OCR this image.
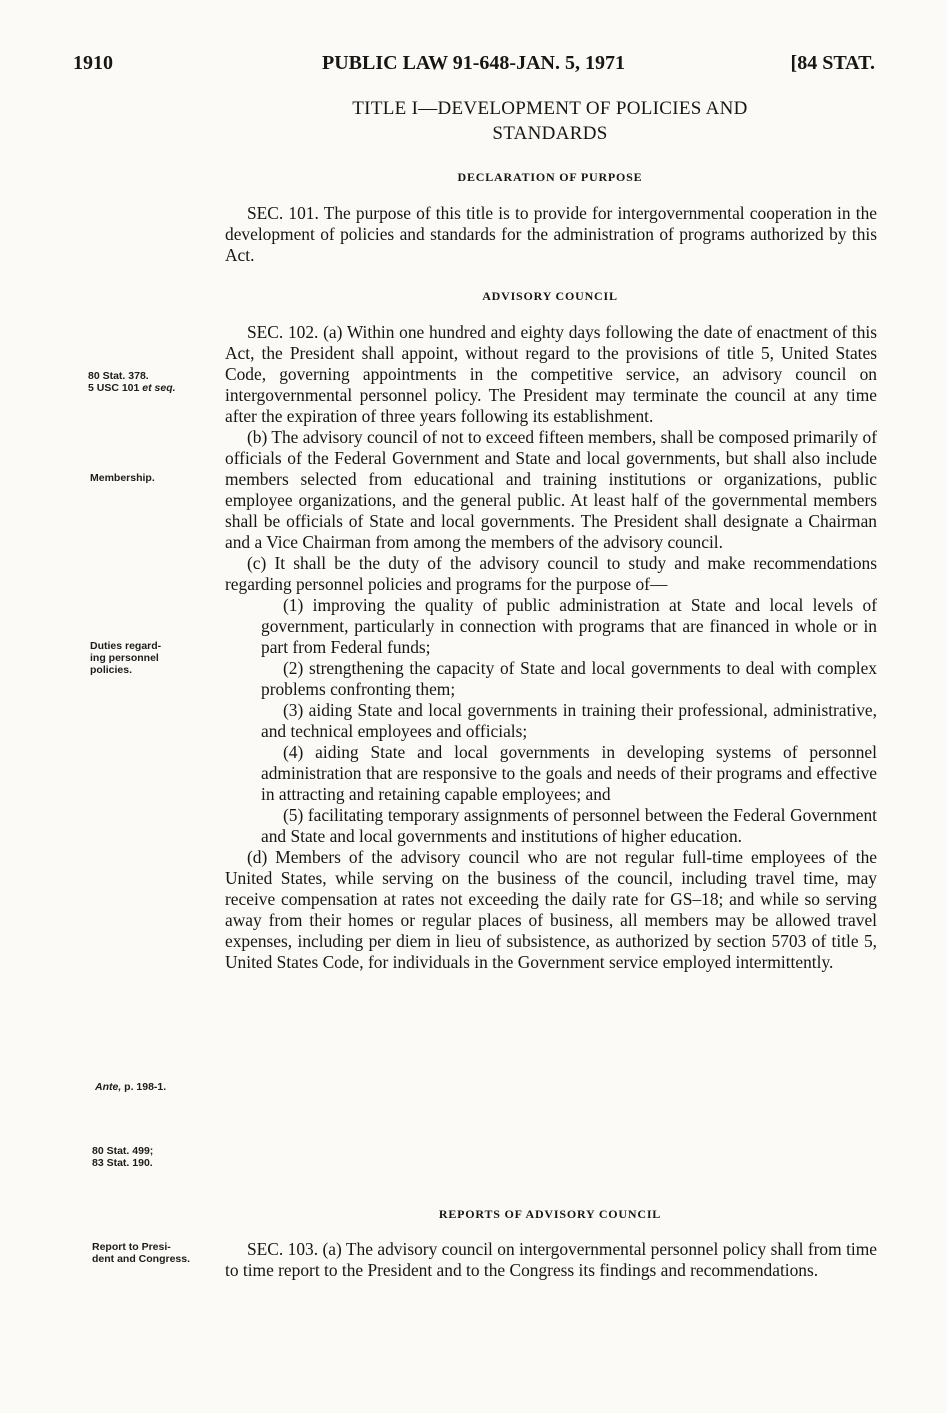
1910	PUBLIC LAW 91-648-JAN. 5, 1971	[84 STAT.
TITLE I—DEVELOPMENT OF POLICIES AND
STANDARDS
DECLARATION OF PURPOSE

SEC. 101. The purpose of this title is to provide for intergovernmental cooperation in the development of policies and standards for the administration of programs authorized by this Act.

ADVISORY COUNCIL

SEC. 102. (a) Within one hundred and eighty days following the date of enactment of this Act, the President shall appoint, without regard to the provisions of title 5, United States Code, governing appointments in the competitive service, an advisory council on intergovernmental personnel policy. The President may terminate the council at any time after the expiration of three years following its establishment.

(b) The advisory council of not to exceed fifteen members, shall be composed primarily of officials of the Federal Government and State and local governments, but shall also include members selected from educational and training institutions or organizations, public employee organizations, and the general public. At least half of the governmental members shall be officials of State and local governments. The President shall designate a Chairman and a Vice Chairman from among the members of the advisory council.

(c) It shall be the duty of the advisory council to study and make recommendations regarding personnel policies and programs for the purpose of—

(1) improving the quality of public administration at State and local levels of government, particularly in connection with programs that are financed in whole or in part from Federal funds;

(2) strengthening the capacity of State and local governments to deal with complex problems confronting them;

(3) aiding State and local governments in training their professional, administrative, and technical employees and officials;

(4) aiding State and local governments in developing systems of personnel administration that are responsive to the goals and needs of their programs and effective in attracting and retaining capable employees; and

(5) facilitating temporary assignments of personnel between the Federal Government and State and local governments and institutions of higher education.

(d) Members of the advisory council who are not regular full-time employees of the United States, while serving on the business of the council, including travel time, may receive compensation at rates not exceeding the daily rate for GS–18; and while so serving away from their homes or regular places of business, all members may be allowed travel expenses, including per diem in lieu of subsistence, as authorized by section 5703 of title 5, United States Code, for individuals in the Government service employed intermittently.

REPORTS OF ADVISORY COUNCIL

SEC. 103. (a) The advisory council on intergovernmental personnel policy shall from time to time report to the President and to the Congress its findings and recommendations.

80 Stat. 378.
5 USC 101 et seq.
Membership.
Duties regard-
ing personnel
policies.
Ante, p. 198-1.
80 Stat. 499;
83 Stat. 190.
Report to Presi-
dent and Congress.
